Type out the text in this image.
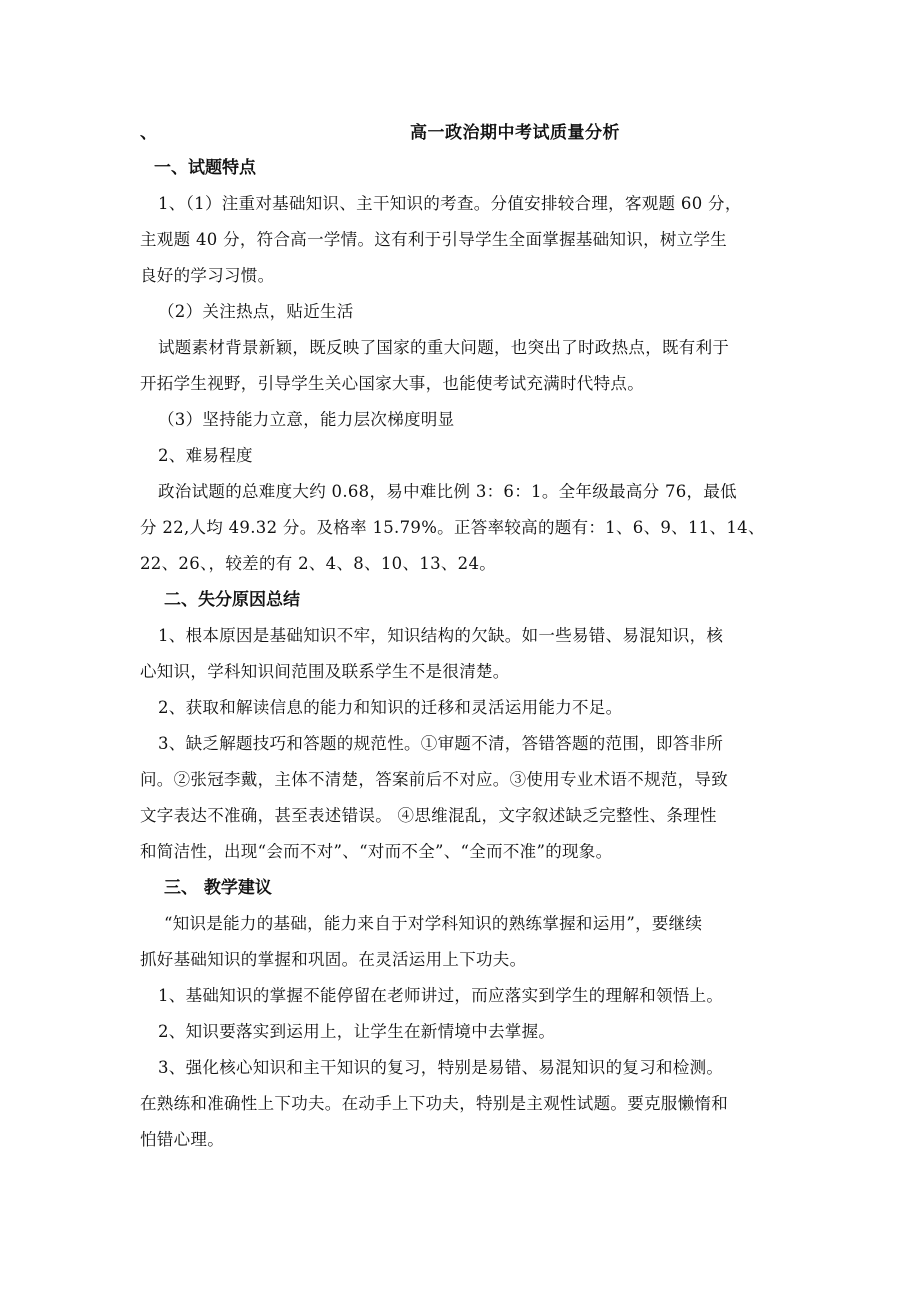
、	高一政治期中考试质量分析
一、试题特点
1、（1）注重对基础知识、主干知识的考查。分值安排较合理，客观题 60 分，
主观题 40 分，符合高一学情。这有利于引导学生全面掌握基础知识，树立学生
良好的学习习惯。
（2）关注热点，贴近生活
试题素材背景新颖，既反映了国家的重大问题，也突出了时政热点，既有利于
开拓学生视野，引导学生关心国家大事，也能使考试充满时代特点。
（3）坚持能力立意，能力层次梯度明显
2、难易程度
政治试题的总难度大约 0.68，易中难比例 3：6：1。全年级最高分 76，最低
分 22,人均 49.32 分。及格率 15.79%。正答率较高的题有：1、6、9、11、14、
22、26、，较差的有 2、4、8、10、13、24。
二、失分原因总结
1、根本原因是基础知识不牢，知识结构的欠缺。如一些易错、易混知识，核
心知识，学科知识间范围及联系学生不是很清楚。
2、获取和解读信息的能力和知识的迁移和灵活运用能力不足。
3、缺乏解题技巧和答题的规范性。①审题不清，答错答题的范围，即答非所
问。②张冠李戴，主体不清楚，答案前后不对应。③使用专业术语不规范，导致
文字表达不准确，甚至表述错误。 ④思维混乱，文字叙述缺乏完整性、条理性
和简洁性，出现“会而不对”、“对而不全”、“全而不准”的现象。
三、 教学建议
“知识是能力的基础，能力来自于对学科知识的熟练掌握和运用”，要继续
抓好基础知识的掌握和巩固。在灵活运用上下功夫。
1、基础知识的掌握不能停留在老师讲过，而应落实到学生的理解和领悟上。
2、知识要落实到运用上，让学生在新情境中去掌握。
3、强化核心知识和主干知识的复习，特别是易错、易混知识的复习和检测。
在熟练和准确性上下功夫。在动手上下功夫，特别是主观性试题。要克服懒惰和
怕错心理。
